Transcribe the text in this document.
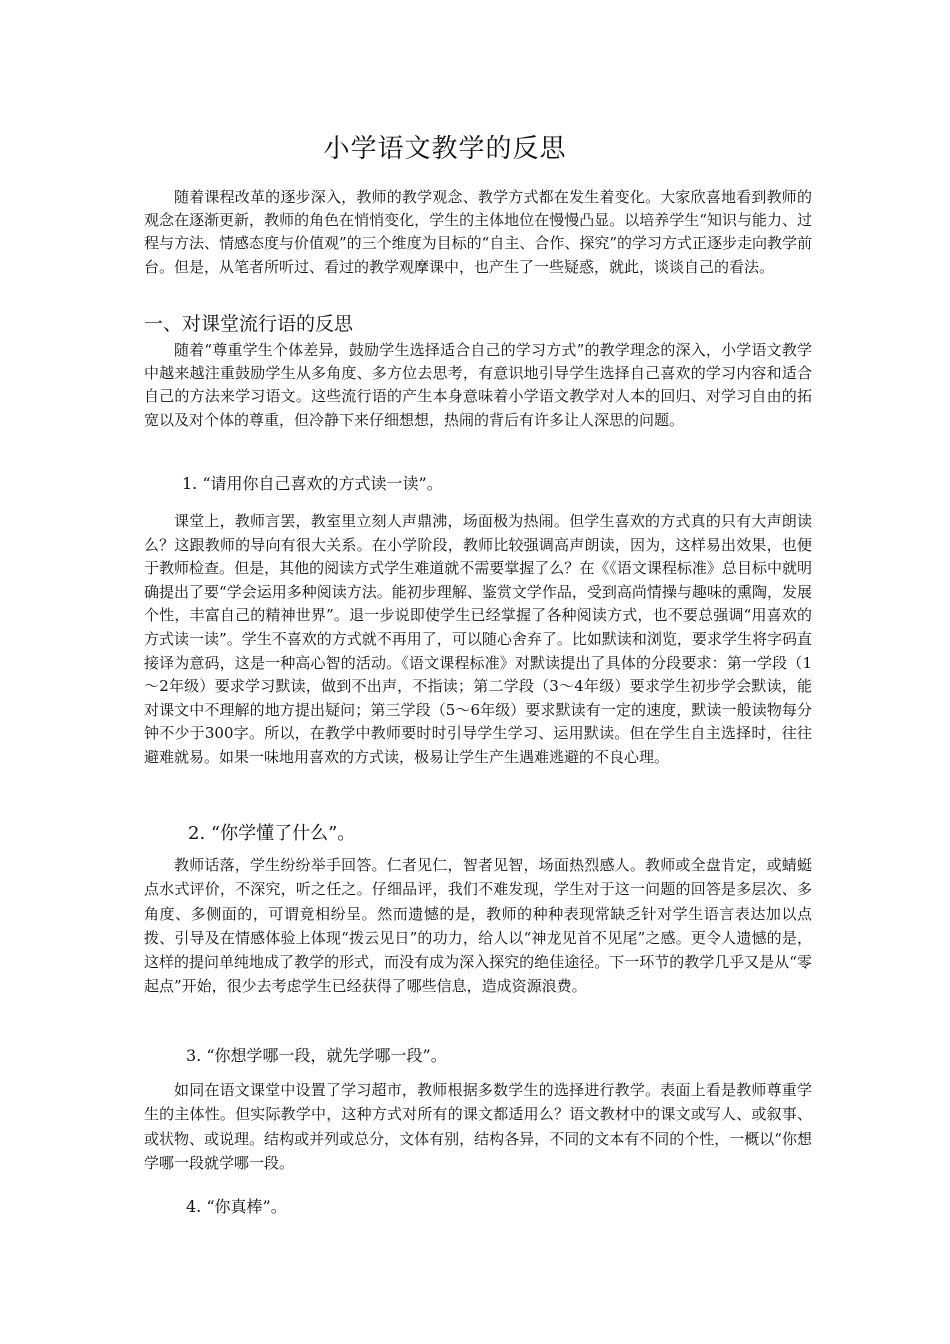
小学语文教学的反思

随着课程改革的逐步深入，教师的教学观念、教学方式都在发生着变化。大家欣喜地看到教师的观念在逐渐更新，教师的角色在悄悄变化，学生的主体地位在慢慢凸显。以培养学生“知识与能力、过程与方法、情感态度与价值观”的三个维度为目标的“自主、合作、探究”的学习方式正逐步走向教学前台。但是，从笔者所听过、看过的教学观摩课中，也产生了一些疑惑，就此，谈谈自己的看法。

一、对课堂流行语的反思

随着“尊重学生个体差异，鼓励学生选择适合自己的学习方式”的教学理念的深入，小学语文教学中越来越注重鼓励学生从多角度、多方位去思考，有意识地引导学生选择自己喜欢的学习内容和适合自己的方法来学习语文。这些流行语的产生本身意味着小学语文教学对人本的回归、对学习自由的拓宽以及对个体的尊重，但冷静下来仔细想想，热闹的背后有许多让人深思的问题。

1. “请用你自己喜欢的方式读一读”。

课堂上，教师言罢，教室里立刻人声鼎沸，场面极为热闹。但学生喜欢的方式真的只有大声朗读么？这跟教师的导向有很大关系。在小学阶段，教师比较强调高声朗读，因为，这样易出效果，也便于教师检查。但是，其他的阅读方式学生难道就不需要掌握了么？在《《语文课程标准》总目标中就明确提出了要“学会运用多种阅读方法。能初步理解、鉴赏文学作品，受到高尚情操与趣味的熏陶，发展个性，丰富自己的精神世界”。退一步说即使学生已经掌握了各种阅读方式，也不要总强调“用喜欢的方式读一读”。学生不喜欢的方式就不再用了，可以随心舍弃了。比如默读和浏览，要求学生将字码直接译为意码，这是一种高心智的活动。《语文课程标准》对默读提出了具体的分段要求：第一学段（1～2年级）要求学习默读，做到不出声，不指读；第二学段（3～4年级）要求学生初步学会默读，能对课文中不理解的地方提出疑问；第三学段（5～6年级）要求默读有一定的速度，默读一般读物每分钟不少于300字。所以，在教学中教师要时时引导学生学习、运用默读。但在学生自主选择时，往往避难就易。如果一味地用喜欢的方式读，极易让学生产生遇难逃避的不良心理。

2. “你学懂了什么”。

教师话落，学生纷纷举手回答。仁者见仁，智者见智，场面热烈感人。教师或全盘肯定，或蜻蜓点水式评价，不深究，听之任之。仔细品评，我们不难发现，学生对于这一问题的回答是多层次、多角度、多侧面的，可谓竟相纷呈。然而遗憾的是，教师的种种表现常缺乏针对学生语言表达加以点拨、引导及在情感体验上体现“拨云见日”的功力，给人以“神龙见首不见尾”之感。更令人遗憾的是，这样的提问单纯地成了教学的形式，而没有成为深入探究的绝佳途径。下一环节的教学几乎又是从“零起点”开始，很少去考虑学生已经获得了哪些信息，造成资源浪费。

3. “你想学哪一段，就先学哪一段”。

如同在语文课堂中设置了学习超市，教师根据多数学生的选择进行教学。表面上看是教师尊重学生的主体性。但实际教学中，这种方式对所有的课文都适用么？语文教材中的课文或写人、或叙事、或状物、或说理。结构或并列或总分，文体有别，结构各异，不同的文本有不同的个性，一概以“你想学哪一段就学哪一段。

4. “你真棒”。
